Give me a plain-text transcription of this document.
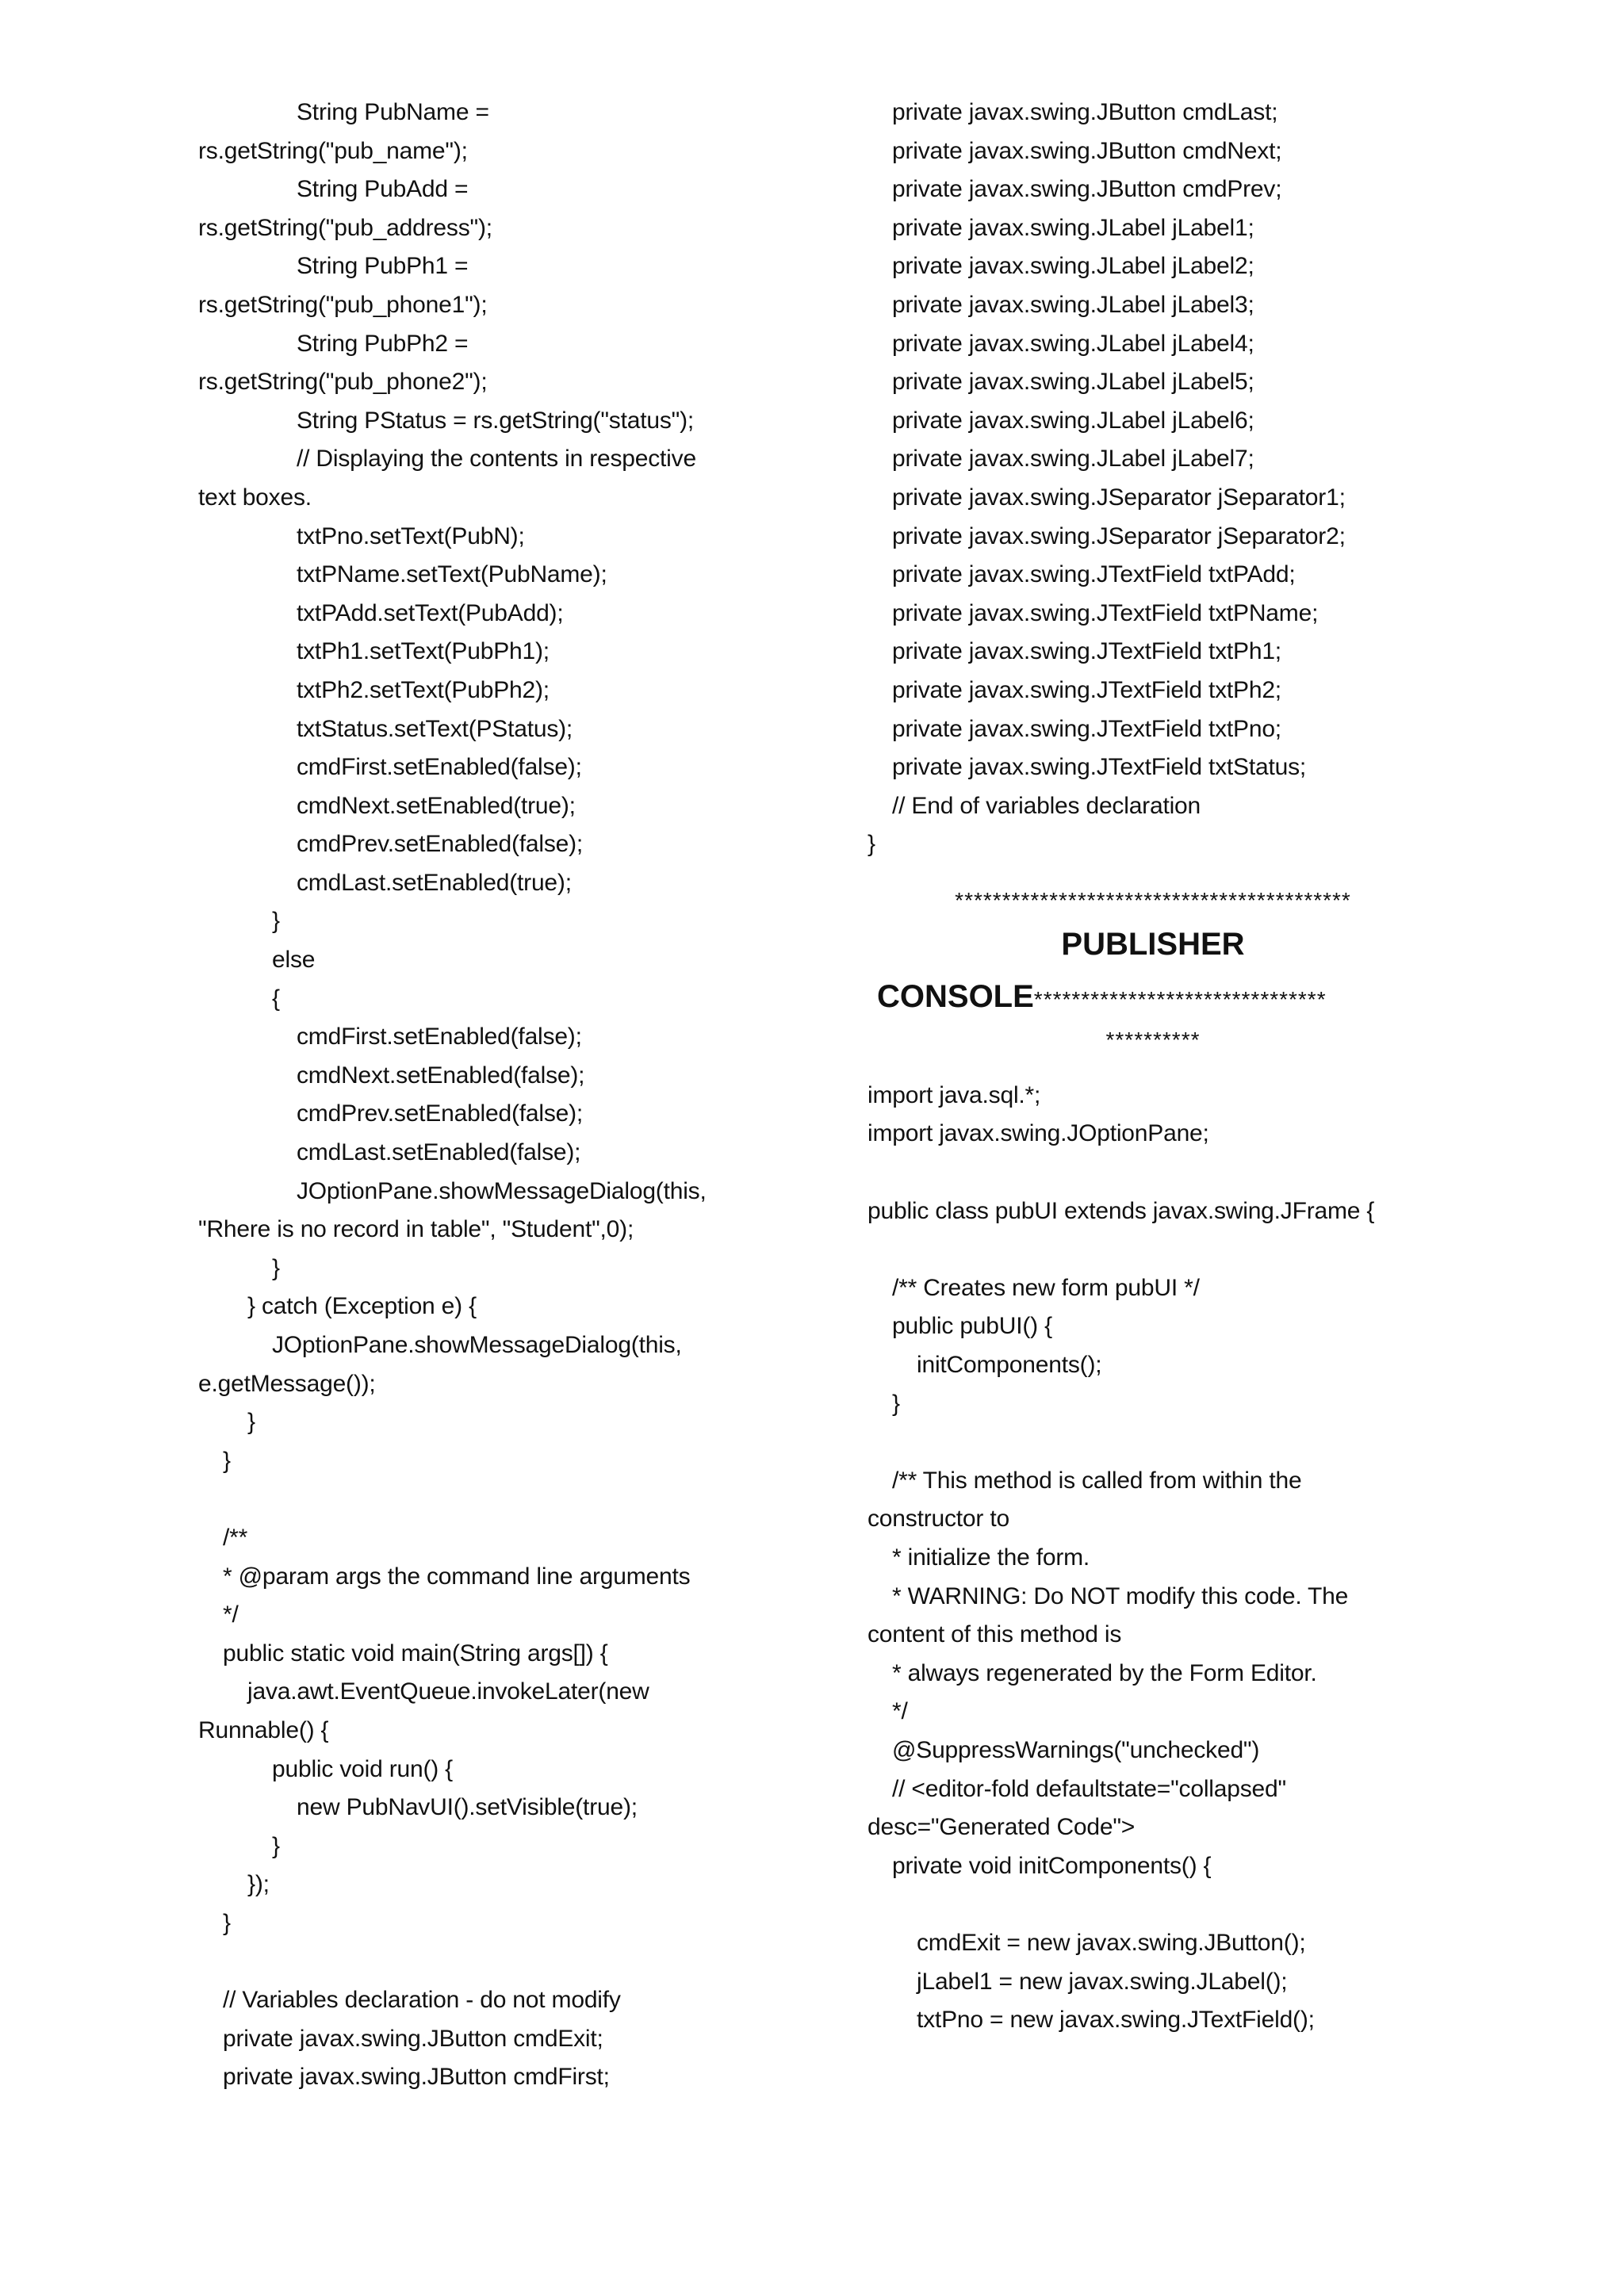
String PubName =
rs.getString("pub_name");
String PubAdd =
rs.getString("pub_address");
String PubPh1 =
rs.getString("pub_phone1");
String PubPh2 =
rs.getString("pub_phone2");
String PStatus = rs.getString("status");
// Displaying the contents in respective
text boxes.
txtPno.setText(PubN);
txtPName.setText(PubName);
txtPAdd.setText(PubAdd);
txtPh1.setText(PubPh1);
txtPh2.setText(PubPh2);
txtStatus.setText(PStatus);
cmdFirst.setEnabled(false);
cmdNext.setEnabled(true);
cmdPrev.setEnabled(false);
cmdLast.setEnabled(true);
}
else
{
cmdFirst.setEnabled(false);
cmdNext.setEnabled(false);
cmdPrev.setEnabled(false);
cmdLast.setEnabled(false);
JOptionPane.showMessageDialog(this,
"Rhere is no record in table", "Student",0);
}
} catch (Exception e) {
JOptionPane.showMessageDialog(this,
e.getMessage());
}
}
/**
* @param args the command line arguments
*/
public static void main(String args[]) {
java.awt.EventQueue.invokeLater(new
Runnable() {
public void run() {
new PubNavUI().setVisible(true);
}
});
}
// Variables declaration - do not modify
private javax.swing.JButton cmdExit;
private javax.swing.JButton cmdFirst;
private javax.swing.JButton cmdLast;
private javax.swing.JButton cmdNext;
private javax.swing.JButton cmdPrev;
private javax.swing.JLabel jLabel1;
private javax.swing.JLabel jLabel2;
private javax.swing.JLabel jLabel3;
private javax.swing.JLabel jLabel4;
private javax.swing.JLabel jLabel5;
private javax.swing.JLabel jLabel6;
private javax.swing.JLabel jLabel7;
private javax.swing.JSeparator jSeparator1;
private javax.swing.JSeparator jSeparator2;
private javax.swing.JTextField txtPAdd;
private javax.swing.JTextField txtPName;
private javax.swing.JTextField txtPh1;
private javax.swing.JTextField txtPh2;
private javax.swing.JTextField txtPno;
private javax.swing.JTextField txtStatus;
// End of variables declaration
}
******************************************
PUBLISHER
CONSOLE*******************************
**********
import java.sql.*;
import javax.swing.JOptionPane;
public class pubUI extends javax.swing.JFrame {
/** Creates new form pubUI */
public pubUI() {
initComponents();
}
/** This method is called from within the
constructor to
* initialize the form.
* WARNING: Do NOT modify this code. The
content of this method is
* always regenerated by the Form Editor.
*/
@SuppressWarnings("unchecked")
// <editor-fold defaultstate="collapsed"
desc="Generated Code">
private void initComponents() {
cmdExit = new javax.swing.JButton();
jLabel1 = new javax.swing.JLabel();
txtPno = new javax.swing.JTextField();
